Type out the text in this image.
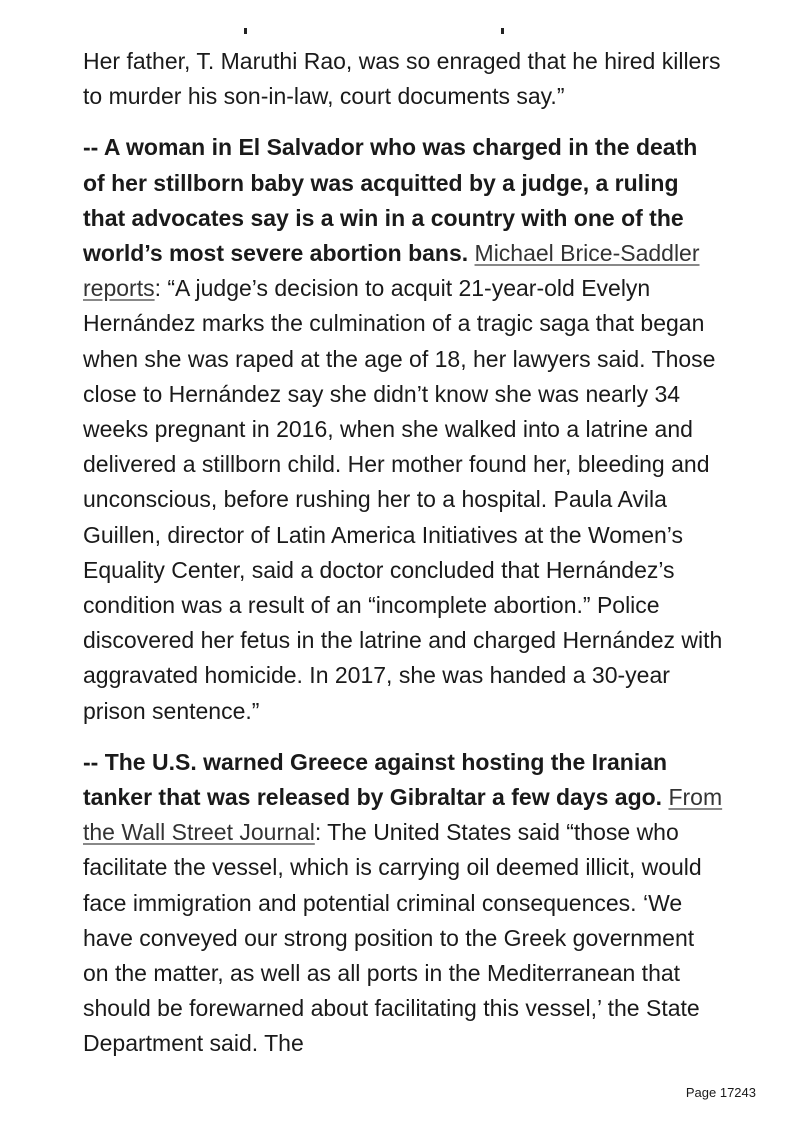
Her father, T. Maruthi Rao, was so enraged that he hired killers to murder his son-in-law, court documents say.”

-- A woman in El Salvador who was charged in the death of her stillborn baby was acquitted by a judge, a ruling that advocates say is a win in a country with one of the world’s most severe abortion bans. Michael Brice-Saddler reports: “A judge’s decision to acquit 21-year-old Evelyn Hernández marks the culmination of a tragic saga that began when she was raped at the age of 18, her lawyers said. Those close to Hernández say she didn’t know she was nearly 34 weeks pregnant in 2016, when she walked into a latrine and delivered a stillborn child. Her mother found her, bleeding and unconscious, before rushing her to a hospital. Paula Avila Guillen, director of Latin America Initiatives at the Women’s Equality Center, said a doctor concluded that Hernández’s condition was a result of an “incomplete abortion.” Police discovered her fetus in the latrine and charged Hernández with aggravated homicide. In 2017, she was handed a 30-year prison sentence.”

-- The U.S. warned Greece against hosting the Iranian tanker that was released by Gibraltar a few days ago. From the Wall Street Journal: The United States said “those who facilitate the vessel, which is carrying oil deemed illicit, would face immigration and potential criminal consequences. ‘We have conveyed our strong position to the Greek government on the matter, as well as all ports in the Mediterranean that should be forewarned about facilitating this vessel,’ the State Department said. The

Page 17243
